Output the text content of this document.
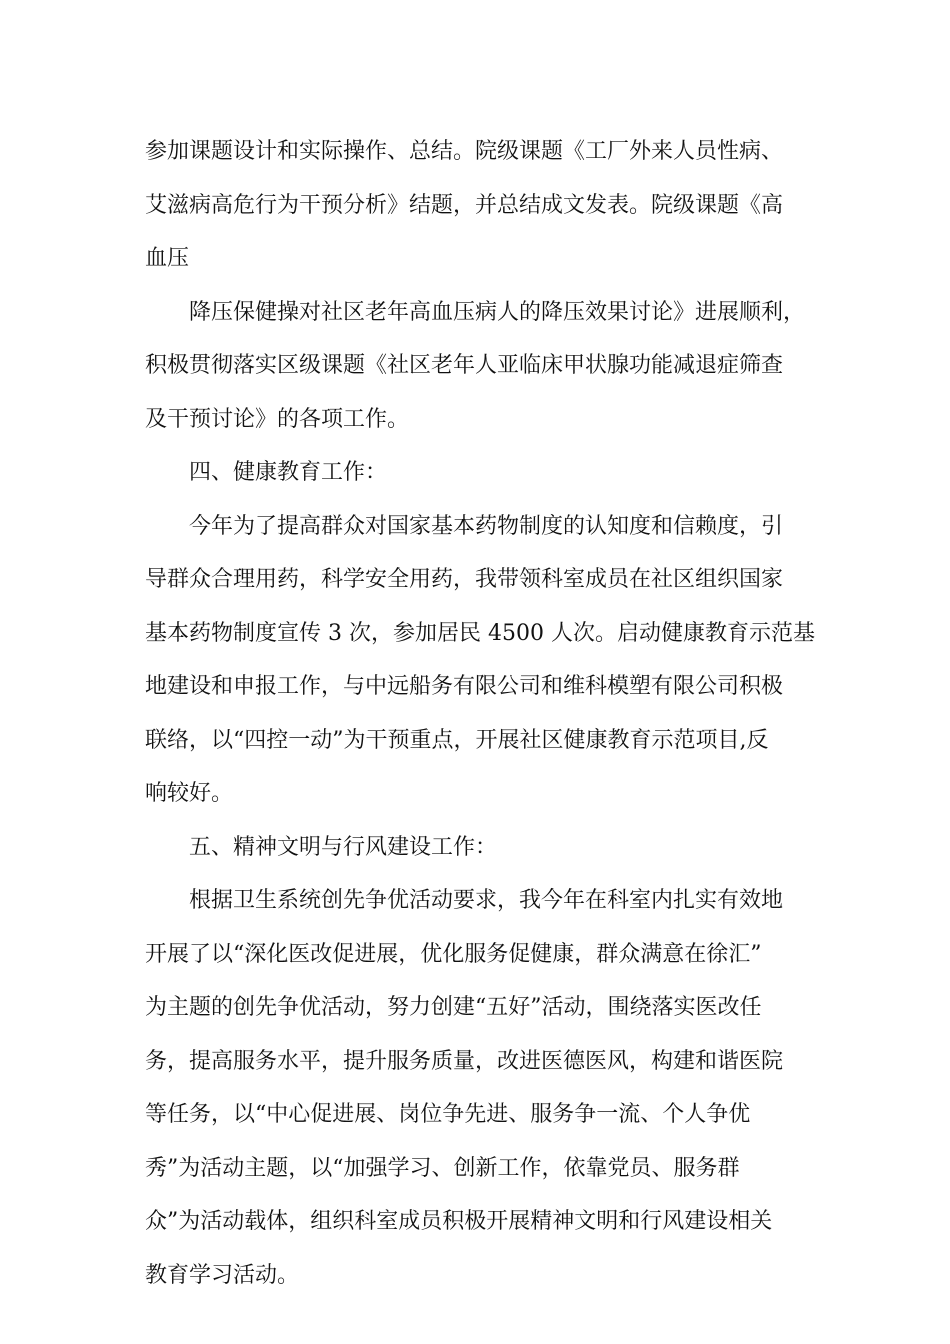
参加课题设计和实际操作、总结。院级课题《工厂外来人员性病、
艾滋病高危行为干预分析》结题，并总结成文发表。院级课题《高
血压

降压保健操对社区老年高血压病人的降压效果讨论》进展顺利，
积极贯彻落实区级课题《社区老年人亚临床甲状腺功能减退症筛查
及干预讨论》的各项工作。

四、健康教育工作：

今年为了提高群众对国家基本药物制度的认知度和信赖度，引
导群众合理用药，科学安全用药，我带领科室成员在社区组织国家
基本药物制度宣传 3 次，参加居民 4500 人次。启动健康教育示范基
地建设和申报工作，与中远船务有限公司和维科模塑有限公司积极
联络，以“四控一动”为干预重点，开展社区健康教育示范项目,反
响较好。

五、精神文明与行风建设工作：

根据卫生系统创先争优活动要求，我今年在科室内扎实有效地
开展了以“深化医改促进展，优化服务促健康，群众满意在徐汇”
为主题的创先争优活动，努力创建“五好”活动，围绕落实医改任
务，提高服务水平，提升服务质量，改进医德医风，构建和谐医院
等任务，以“中心促进展、岗位争先进、服务争一流、个人争优
秀”为活动主题，以“加强学习、创新工作，依靠党员、服务群
众”为活动载体，组织科室成员积极开展精神文明和行风建设相关
教育学习活动。
